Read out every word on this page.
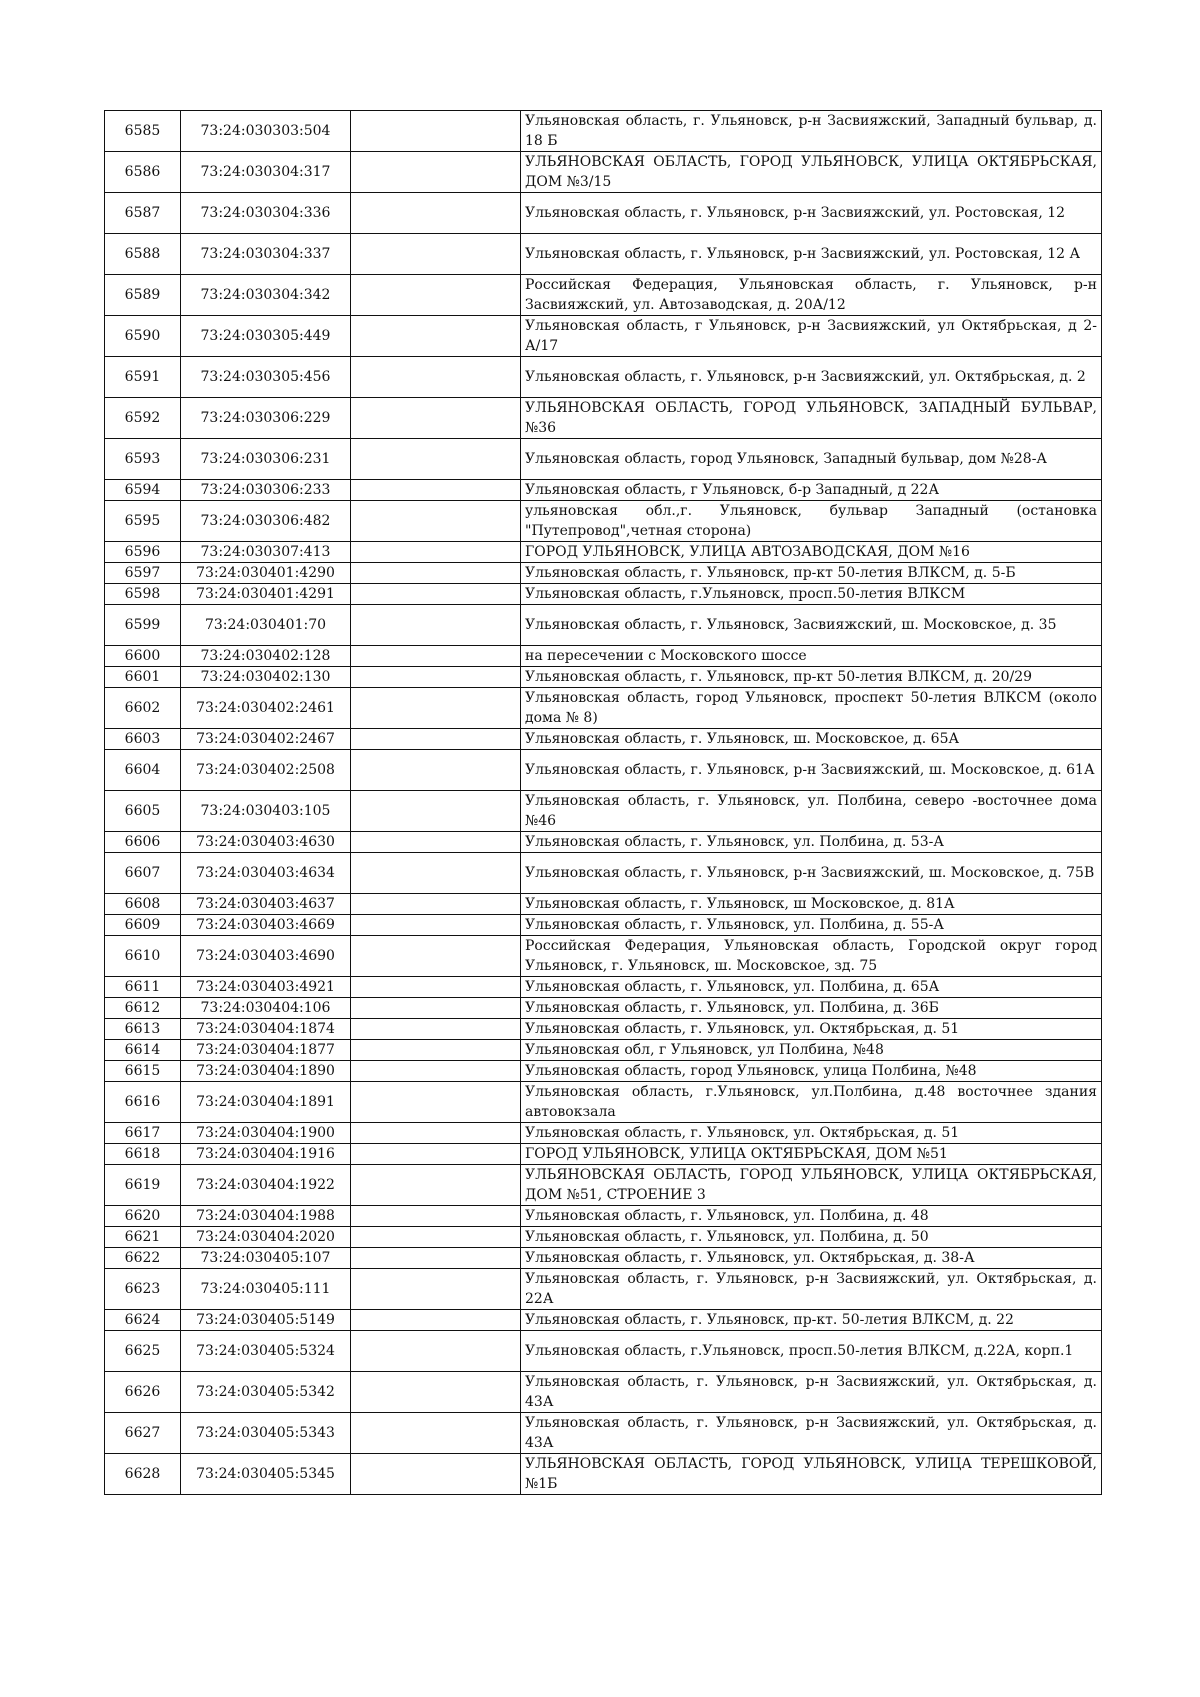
6585	73:24:030303:504		Ульяновская область, г. Ульяновск, р-н Засвияжский, Западный бульвар, д. 18 Б
6586	73:24:030304:317		УЛЬЯНОВСКАЯ ОБЛАСТЬ, ГОРОД УЛЬЯНОВСК, УЛИЦА ОКТЯБРЬСКАЯ, ДОМ №3/15
6587	73:24:030304:336		Ульяновская область, г. Ульяновск, р-н Засвияжский, ул. Ростовская, 12
6588	73:24:030304:337		Ульяновская область, г. Ульяновск, р-н Засвияжский, ул. Ростовская, 12 А
6589	73:24:030304:342		Российская Федерация, Ульяновская область, г. Ульяновск, р-н Засвияжский, ул. Автозаводская, д. 20А/12
6590	73:24:030305:449		Ульяновская область, г Ульяновск, р-н Засвияжский, ул Октябрьская, д 2-А/17
6591	73:24:030305:456		Ульяновская область, г. Ульяновск, р-н Засвияжский, ул. Октябрьская, д. 2
6592	73:24:030306:229		УЛЬЯНОВСКАЯ ОБЛАСТЬ, ГОРОД УЛЬЯНОВСК, ЗАПАДНЫЙ БУЛЬВАР, №36
6593	73:24:030306:231		Ульяновская область, город Ульяновск, Западный бульвар, дом №28-А
6594	73:24:030306:233		Ульяновская область, г Ульяновск, б-р Западный, д 22А
6595	73:24:030306:482		ульяновская обл.,г. Ульяновск, бульвар Западный (остановка "Путепровод",четная сторона)
6596	73:24:030307:413		ГОРОД УЛЬЯНОВСК, УЛИЦА АВТОЗАВОДСКАЯ, ДОМ №16
6597	73:24:030401:4290		Ульяновская область, г. Ульяновск, пр-кт 50-летия ВЛКСМ, д. 5-Б
6598	73:24:030401:4291		Ульяновская область, г.Ульяновск, просп.50-летия ВЛКСМ
6599	73:24:030401:70		Ульяновская область, г. Ульяновск, Засвияжский, ш. Московское, д. 35
6600	73:24:030402:128		на пересечении с Московского шоссе
6601	73:24:030402:130		Ульяновская область, г. Ульяновск, пр-кт 50-летия ВЛКСМ, д. 20/29
6602	73:24:030402:2461		Ульяновская область, город Ульяновск, проспект 50-летия ВЛКСМ (около дома № 8)
6603	73:24:030402:2467		Ульяновская область, г. Ульяновск, ш. Московское, д. 65А
6604	73:24:030402:2508		Ульяновская область, г. Ульяновск, р-н Засвияжский, ш. Московское, д. 61А
6605	73:24:030403:105		Ульяновская область, г. Ульяновск, ул. Полбина, северо -восточнее дома №46
6606	73:24:030403:4630		Ульяновская область, г. Ульяновск, ул. Полбина, д. 53-А
6607	73:24:030403:4634		Ульяновская область, г. Ульяновск, р-н Засвияжский, ш. Московское, д. 75В
6608	73:24:030403:4637		Ульяновская область, г. Ульяновск, ш Московское, д. 81А
6609	73:24:030403:4669		Ульяновская область, г. Ульяновск, ул. Полбина, д. 55-А
6610	73:24:030403:4690		Российская Федерация, Ульяновская область, Городской округ город Ульяновск, г. Ульяновск, ш. Московское, зд. 75
6611	73:24:030403:4921		Ульяновская область, г. Ульяновск, ул. Полбина, д. 65А
6612	73:24:030404:106		Ульяновская область, г. Ульяновск, ул. Полбина, д. 36Б
6613	73:24:030404:1874		Ульяновская область, г. Ульяновск, ул. Октябрьская, д. 51
6614	73:24:030404:1877		Ульяновская обл, г Ульяновск, ул Полбина, №48
6615	73:24:030404:1890		Ульяновская область, город Ульяновск, улица Полбина, №48
6616	73:24:030404:1891		Ульяновская область, г.Ульяновск, ул.Полбина, д.48 восточнее здания автовокзала
6617	73:24:030404:1900		Ульяновская область, г. Ульяновск, ул. Октябрьская, д. 51
6618	73:24:030404:1916		ГОРОД УЛЬЯНОВСК, УЛИЦА ОКТЯБРЬСКАЯ, ДОМ №51
6619	73:24:030404:1922		УЛЬЯНОВСКАЯ ОБЛАСТЬ, ГОРОД УЛЬЯНОВСК, УЛИЦА ОКТЯБРЬСКАЯ, ДОМ №51, СТРОЕНИЕ 3
6620	73:24:030404:1988		Ульяновская область, г. Ульяновск, ул. Полбина, д. 48
6621	73:24:030404:2020		Ульяновская область, г. Ульяновск, ул. Полбина, д. 50
6622	73:24:030405:107		Ульяновская область, г. Ульяновск, ул. Октябрьская, д. 38-А
6623	73:24:030405:111		Ульяновская область, г. Ульяновск, р-н Засвияжский, ул. Октябрьская, д. 22А
6624	73:24:030405:5149		Ульяновская область, г. Ульяновск, пр-кт. 50-летия ВЛКСМ, д. 22
6625	73:24:030405:5324		Ульяновская область, г.Ульяновск, просп.50-летия ВЛКСМ, д.22А, корп.1
6626	73:24:030405:5342		Ульяновская область, г. Ульяновск, р-н Засвияжский, ул. Октябрьская, д. 43А
6627	73:24:030405:5343		Ульяновская область, г. Ульяновск, р-н Засвияжский, ул. Октябрьская, д. 43А
6628	73:24:030405:5345		УЛЬЯНОВСКАЯ ОБЛАСТЬ, ГОРОД УЛЬЯНОВСК, УЛИЦА ТЕРЕШКОВОЙ, №1Б
